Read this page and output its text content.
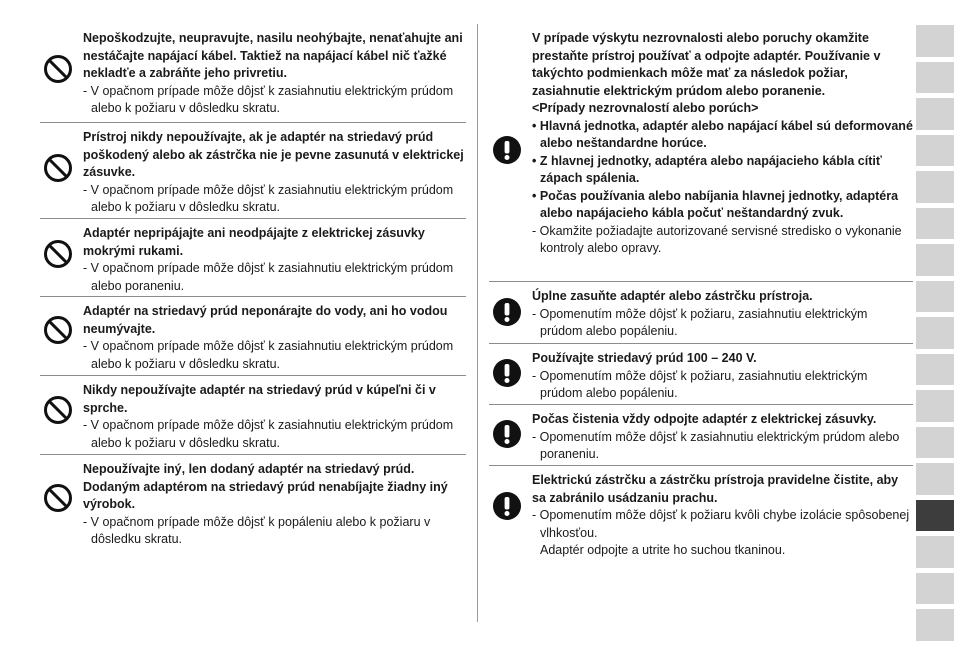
Nepoškodzujte, neupravujte, nasilu neohýbajte, nenaťahujte ani nestáčajte napájací kábel. Taktiež na napájací kábel nič ťažké nekladťe a zabráňte jeho privretiu.

- V opačnom prípade môže dôjsť k zasiahnutiu elektrickým prúdom alebo k požiaru v dôsledku skratu.

Prístroj nikdy nepoužívajte, ak je adaptér na striedavý prúd poškodený alebo ak zástrčka nie je pevne zasunutá v elektrickej zásuvke.

- V opačnom prípade môže dôjsť k zasiahnutiu elektrickým prúdom alebo k požiaru v dôsledku skratu.

Adaptér nepripájajte ani neodpájajte z elektrickej zásuvky mokrými rukami.

- V opačnom prípade môže dôjsť k zasiahnutiu elektrickým prúdom alebo poraneniu.

Adaptér na striedavý prúd neponárajte do vody, ani ho vodou neumývajte.

- V opačnom prípade môže dôjsť k zasiahnutiu elektrickým prúdom alebo k požiaru v dôsledku skratu.

Nikdy nepoužívajte adaptér na striedavý prúd v kúpeľni či v sprche.

- V opačnom prípade môže dôjsť k zasiahnutiu elektrickým prúdom alebo k požiaru v dôsledku skratu.

Nepoužívajte iný, len dodaný adaptér na striedavý prúd. Dodaným adaptérom na striedavý prúd nenabíjajte žiadny iný výrobok.

- V opačnom prípade môže dôjsť k popáleniu alebo k požiaru v dôsledku skratu.

V prípade výskytu nezrovnalosti alebo poruchy okamžite prestaňte prístroj používať a odpojte adaptér. Používanie v takýchto podmienkach môže mať za následok požiar, zasiahnutie elektrickým prúdom alebo poranenie.

<Prípady nezrovnalostí alebo porúch>

• Hlavná jednotka, adaptér alebo napájací kábel sú deformované alebo neštandardne horúce.

• Z hlavnej jednotky, adaptéra alebo napájacieho kábla cítiť zápach spálenia.

• Počas používania alebo nabíjania hlavnej jednotky, adaptéra alebo napájacieho kábla počuť neštandardný zvuk.

- Okamžite požiadajte autorizované servisné stredisko o vykonanie kontroly alebo opravy.

Úplne zasuňte adaptér alebo zástrčku prístroja.

- Opomenutím môže dôjsť k požiaru, zasiahnutiu elektrickým prúdom alebo popáleniu.

Používajte striedavý prúd 100 – 240 V.

- Opomenutím môže dôjsť k požiaru, zasiahnutiu elektrickým prúdom alebo popáleniu.

Počas čistenia vždy odpojte adaptér z elektrickej zásuvky.

- Opomenutím môže dôjsť k zasiahnutiu elektrickým prúdom alebo poraneniu.

Elektrickú zástrčku a zástrčku prístroja pravidelne čistite, aby sa zabránilo usádzaniu prachu.

- Opomenutím môže dôjsť k požiaru kvôli chybe izolácie spôsobenej vlhkosťou.
Adaptér odpojte a utrite ho suchou tkaninou.
